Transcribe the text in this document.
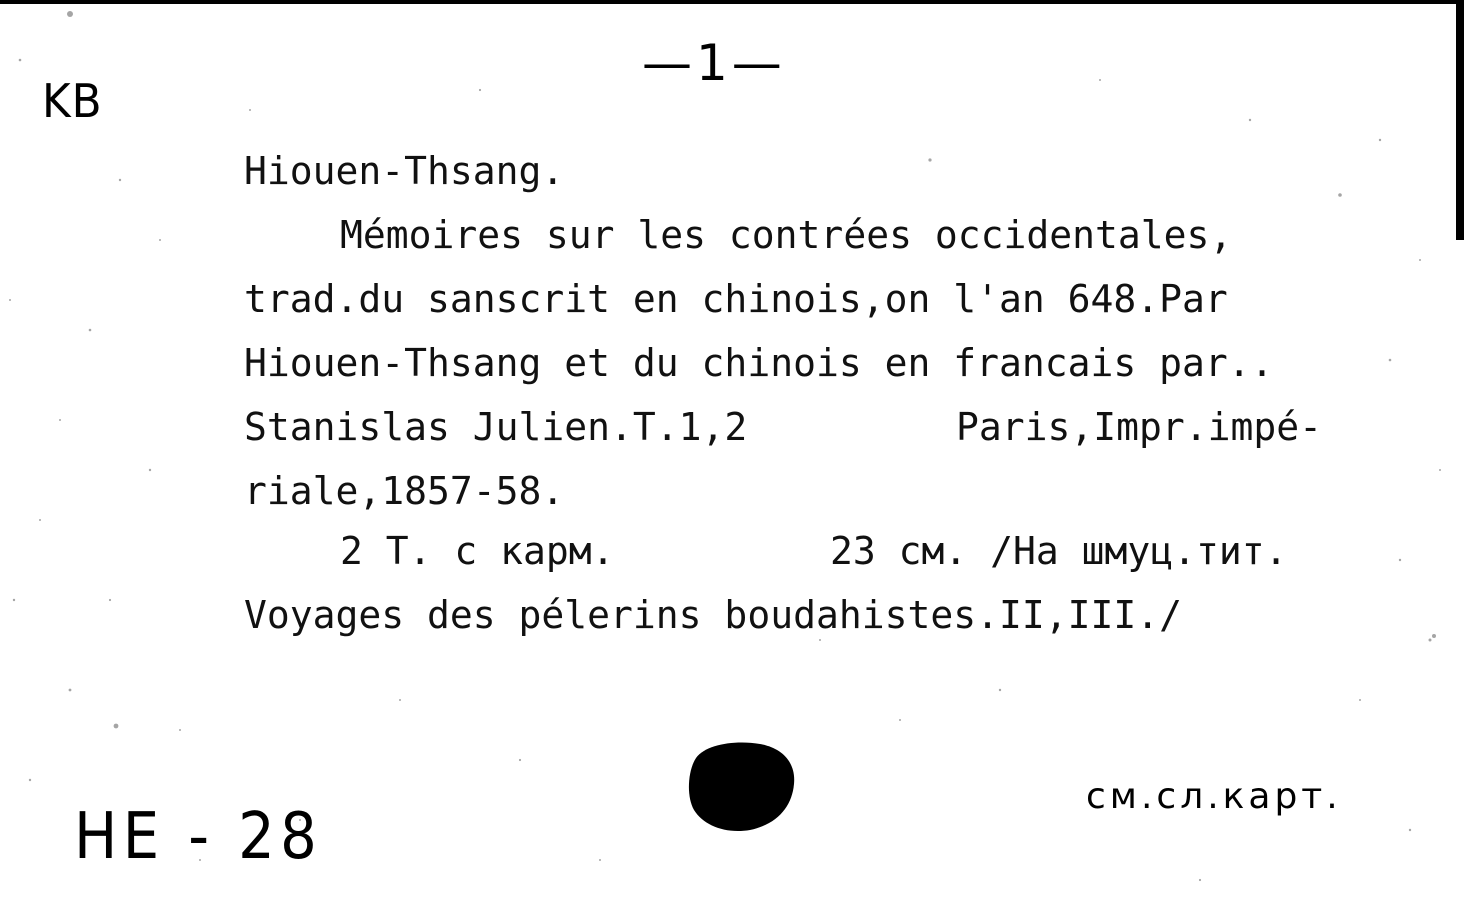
KB
—1—
Hiouen-Thsang.
Mémoires sur les contrées occidentales,
trad.du sanscrit en chinois,on l'an 648.Par
Hiouen-Thsang et du chinois en francais par..
Stanislas Julien.T.1,2	Paris,Impr.impé-
riale,1857-58.
2 T. с карм.	23 см. /На шмуц.тит.
Voyages des pélerins boudahistes.II,III./
HE - 28
см.сл.карт.
